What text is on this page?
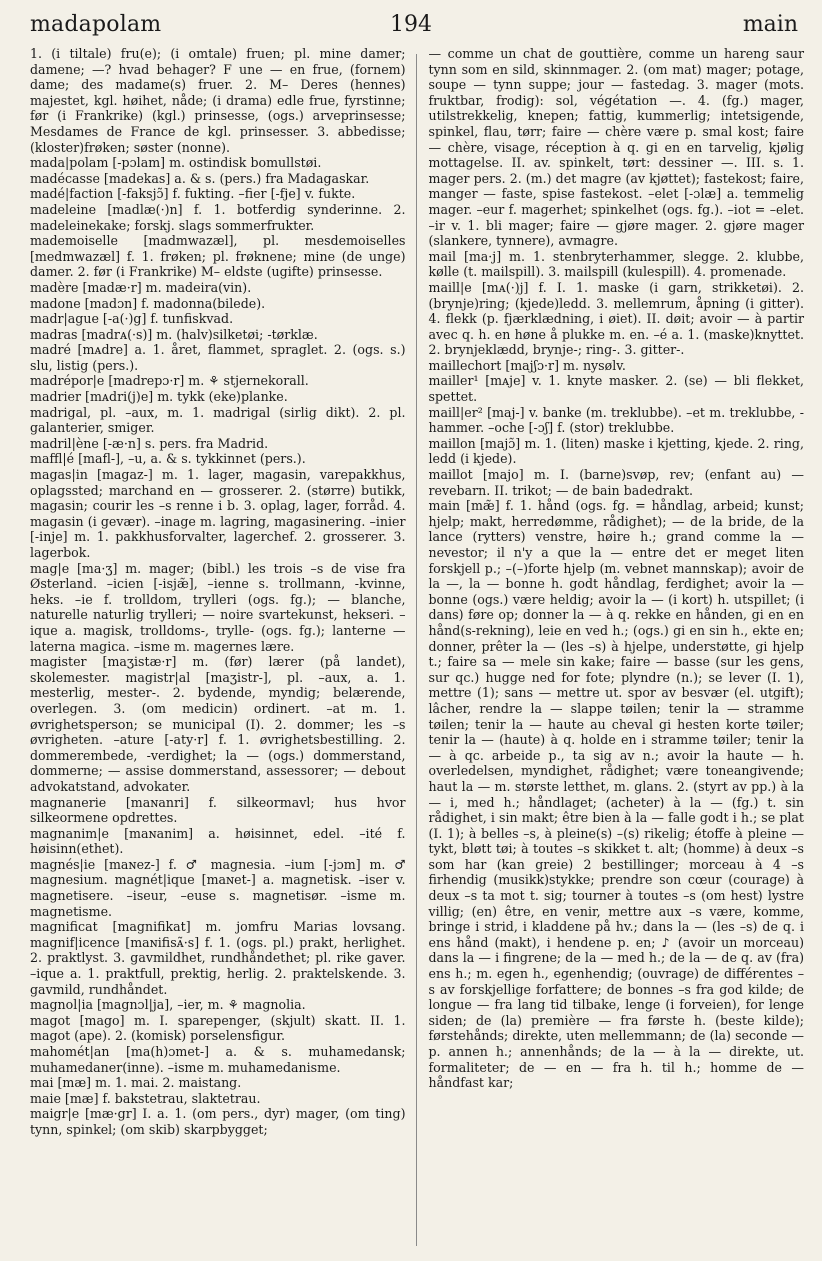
madapolam	194	main

1. (i tiltale) fru(e); (i omtale) fruen; pl. mine damer; damene; —? hvad behager? F une — en frue, (fornem) dame; des madame(s) fruer. 2. M– Deres (hennes) majestet, kgl. høihet, nåde; (i drama) edle frue, fyrstinne; før (i Frankrike) (kgl.) prinsesse, (ogs.) arveprinsesse; Mesdames de France de kgl. prinsesser. 3. abbedisse; (kloster)frøken; søster (nonne).

mada|polam [-pɔlam] m. ostindisk bomullstøi.

madécasse [madekas] a. & s. (pers.) fra Madagaskar.

madé|faction [-faksjɔ̃] f. fukting. –fier [-fje] v. fukte.

madeleine [madlæ(·)n] f. 1. botferdig synderinne. 2. madeleinekake; forskj. slags sommerfrukter.

mademoiselle [madmwazæl], pl. mesdemoiselles [medmwazæl] f. 1. frøken; pl. frøknene; mine (de unge) damer. 2. før (i Frankrike) M– eldste (ugifte) prinsesse.

madère [madæ·r] m. madeira(vin).

madone [madɔn] f. madonna(bilede).

madr|ague [-a(·)g] f. tunfiskvad.

madras [madrᴀ(·s)] m. (halv)silketøi; -tørklæ.

madré [mᴀdre] a. 1. året, flammet, spraglet. 2. (ogs. s.) slu, listig (pers.).

madrépor|e [madrepɔ·r] m. ⚘ stjernekorall.

madrier [mᴀdri(j)e] m. tykk (eke)planke.

madrigal, pl. –aux, m. 1. madrigal (sirlig dikt). 2. pl. galanterier, smiger.

madril|ène [-æ·n] s. pers. fra Madrid.

maffl|é [mafl-], –u, a. & s. tykkinnet (pers.).

magas|in [magaz-] m. 1. lager, magasin, varepakkhus, oplagssted; marchand en — grosserer. 2. (større) butikk, magasin; courir les –s renne i b. 3. oplag, lager, forråd. 4. magasin (i gevær). –inage m. lagring, magasinering. –inier [-inje] m. 1. pakkhusforvalter, lagerchef. 2. grosserer. 3. lagerbok.

mag|e [ma·ʒ] m. mager; (bibl.) les trois –s de vise fra Østerland. –icien [-isjæ̃], –ienne s. trollmann, -kvinne, heks. –ie f. trolldom, trylleri (ogs. fg.); — blanche, naturelle naturlig trylleri; — noire svartekunst, hekseri. –ique a. magisk, trolldoms-, trylle- (ogs. fg.); lanterne — laterna magica. –isme m. magernes lære.

magister [maʒistæ·r] m. (før) lærer (på landet), skolemester. magistr|al [maʒistr-], pl. –aux, a. 1. mesterlig, mester-. 2. bydende, myndig; belærende, overlegen. 3. (om medicin) ordinert. –at m. 1. øvrighetsperson; se municipal (I). 2. dommer; les –s øvrigheten. –ature [-aty·r] f. 1. øvrighetsbestilling. 2. dommerembede, -verdighet; la — (ogs.) dommerstand, dommerne; — assise dommerstand, assessorer; — debout advokatstand, advokater.

magnanerie [maɴanri] f. silkeormavl; hus hvor silkeormene opdrettes.

magnanim|e [maɴanim] a. høisinnet, edel. –ité f. høisinn(ethet).

magnés|ie [maɴez-] f. ♂ magnesia. –ium [-jɔm] m. ♂ magnesium. magnét|ique [maɴet-] a. magnetisk. –iser v. magnetisere. –iseur, –euse s. magnetisør. –isme m. magnetisme.

magnificat [magnifikat] m. jomfru Marias lovsang. magnif|icence [maɴifisᴀ̃·s] f. 1. (ogs. pl.) prakt, herlighet. 2. praktlyst. 3. gavmildhet, rundhåndethet; pl. rike gaver. –ique a. 1. praktfull, prektig, herlig. 2. praktelskende. 3. gavmild, rundhåndet.

magnol|ia [magnɔl|ja], –ier, m. ⚘ magnolia.

magot [mago] m. I. sparepenger, (skjult) skatt. II. 1. magot (ape). 2. (komisk) porselensfigur.

mahomét|an [ma(h)ɔmet-] a. & s. muhamedansk; muhamedaner(inne). –isme m. muhamedanisme.

mai [mæ] m. 1. mai. 2. maistang.

maie [mæ] f. bakstetrau, slaktetrau.

maigr|e [mæ·gr] I. a. 1. (om pers., dyr) mager, (om ting) tynn, spinkel; (om skib) skarpbygget;

— comme un chat de gouttière, comme un hareng saur tynn som en sild, skinnmager. 2. (om mat) mager; potage, soupe — tynn suppe; jour — fastedag. 3. mager (mots. fruktbar, frodig): sol, végétation —. 4. (fg.) mager, utilstrekkelig, knepen; fattig, kummerlig; intetsigende, spinkel, flau, tørr; faire — chère være p. smal kost; faire — chère, visage, réception à q. gi en en tarvelig, kjølig mottagelse. II. av. spinkelt, tørt: dessiner —. III. s. 1. mager pers. 2. (m.) det magre (av kjøttet); fastekost; faire, manger — faste, spise fastekost. –elet [-ɔlæ] a. temmelig mager. –eur f. magerhet; spinkelhet (ogs. fg.). –iot = –elet. –ir v. 1. bli mager; faire — gjøre mager. 2. gjøre mager (slankere, tynnere), avmagre.

mail [ma·j] m. 1. stenbryterhammer, slegge. 2. klubbe, kølle (t. mailspill). 3. mailspill (kulespill). 4. promenade.

maill|e [mᴀ(·)j] f. I. 1. maske (i garn, strikketøi). 2. (brynje)ring; (kjede)ledd. 3. mellemrum, åpning (i gitter). 4. flekk (p. fjærklædning, i øiet). II. døit; avoir — à partir avec q. h. en høne å plukke m. en. –é a. 1. (maske)knyttet. 2. brynjeklædd, brynje-; ring-. 3. gitter-.

maillechort [majʃɔ·r] m. nysølv.

mailler¹ [mᴀje] v. 1. knyte masker. 2. (se) — bli flekket, spettet.

maill|er² [maj-] v. banke (m. treklubbe). –et m. treklubbe, -hammer. –oche [-ɔʃ] f. (stor) treklubbe.

maillon [majɔ̃] m. 1. (liten) maske i kjetting, kjede. 2. ring, ledd (i kjede).

maillot [majo] m. I. (barne)svøp, rev; (enfant au) — revebarn. II. trikot; — de bain badedrakt.

main [mæ̃] f. 1. hånd (ogs. fg. = håndlag, arbeid; kunst; hjelp; makt, herredømme, rådighet); — de la bride, de la lance (rytters) venstre, høire h.; grand comme la — nevestor; il n'y a que la — entre det er meget liten forskjell p.; –(–)forte hjelp (m. vebnet mannskap); avoir de la —, la — bonne h. godt håndlag, ferdighet; avoir la — bonne (ogs.) være heldig; avoir la — (i kort) h. utspillet; (i dans) føre op; donner la — à q. rekke en hånden, gi en en hånd(s-rekning), leie en ved h.; (ogs.) gi en sin h., ekte en; donner, prêter la — (les –s) à hjelpe, understøtte, gi hjelp t.; faire sa — mele sin kake; faire — basse (sur les gens, sur qc.) hugge ned for fote; plyndre (n.); se lever (I. 1), mettre (1); sans — mettre ut. spor av besvær (el. utgift); lâcher, rendre la — slappe tøilen; tenir la — stramme tøilen; tenir la — haute au cheval gi hesten korte tøiler; tenir la — (haute) à q. holde en i stramme tøiler; tenir la — à qc. arbeide p., ta sig av n.; avoir la haute — h. overledelsen, myndighet, rådighet; være toneangivende; haut la — m. største letthet, m. glans. 2. (styrt av pp.) à la — i, med h.; håndlaget; (acheter) à la — (fg.) t. sin rådighet, i sin makt; être bien à la — falle godt i h.; se plat (I. 1); à belles –s, à pleine(s) –(s) rikelig; étoffe à pleine — tykt, bløtt tøi; à toutes –s skikket t. alt; (homme) à deux –s som har (kan greie) 2 bestillinger; morceau à 4 –s firhendig (musikk)stykke; prendre son cœur (courage) à deux –s ta mot t. sig; tourner à toutes –s (om hest) lystre villig; (en) être, en venir, mettre aux –s være, komme, bringe i strid, i kladdene på hv.; dans la — (les –s) de q. i ens hånd (makt), i hendene p. en; ♪ (avoir un morceau) dans la — i fingrene; de la — med h.; de la — de q. av (fra) ens h.; m. egen h., egenhendig; (ouvrage) de différentes –s av forskjellige forfattere; de bonnes –s fra god kilde; de longue — fra lang tid tilbake, lenge (i forveien), for lenge siden; de (la) première — fra første h. (beste kilde); førstehånds; direkte, uten mellemmann; de (la) seconde — p. annen h.; annenhånds; de la — à la — direkte, ut. formaliteter; de — en — fra h. til h.; homme de — håndfast kar;
